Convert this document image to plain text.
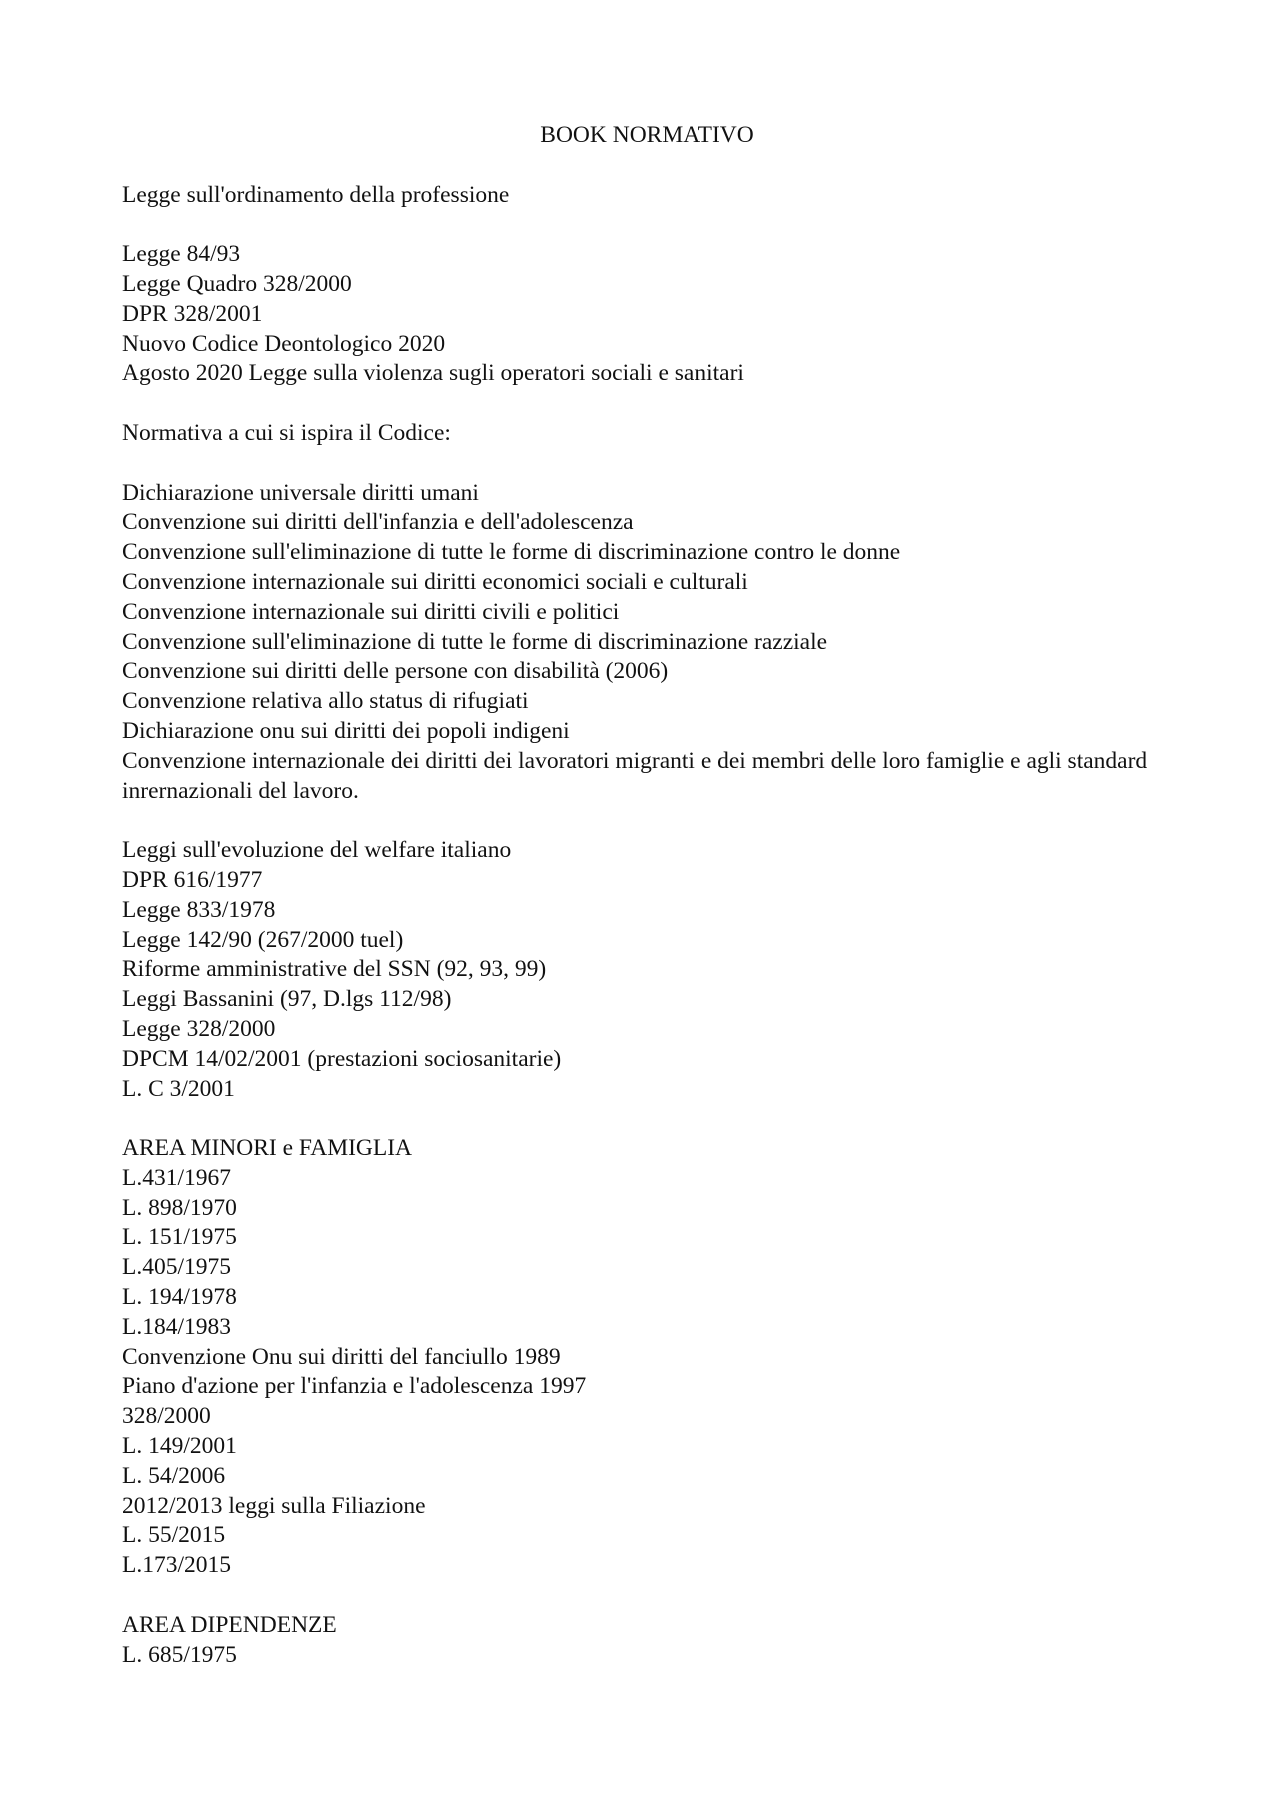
BOOK NORMATIVO

Legge sull'ordinamento della professione
Legge 84/93
Legge Quadro 328/2000
DPR 328/2001
Nuovo Codice Deontologico 2020
Agosto 2020 Legge sulla violenza sugli operatori sociali e sanitari
Normativa a cui si ispira il Codice:
Dichiarazione universale diritti umani
Convenzione sui diritti dell'infanzia e dell'adolescenza
Convenzione sull'eliminazione di tutte le forme di discriminazione contro le donne
Convenzione internazionale sui diritti economici sociali e culturali
Convenzione internazionale sui diritti civili e politici
Convenzione sull'eliminazione di tutte le forme di discriminazione razziale
Convenzione sui diritti delle persone con disabilità (2006)
Convenzione relativa allo status di rifugiati
Dichiarazione onu sui diritti dei popoli indigeni
Convenzione internazionale dei diritti dei lavoratori migranti e dei membri delle loro famiglie e agli standard inrernazionali del lavoro.
Leggi sull'evoluzione del welfare italiano
DPR 616/1977
Legge 833/1978
Legge 142/90 (267/2000 tuel)
Riforme amministrative del SSN (92, 93, 99)
Leggi Bassanini (97, D.lgs 112/98)
Legge 328/2000
DPCM 14/02/2001 (prestazioni sociosanitarie)
L. C 3/2001
AREA MINORI e FAMIGLIA
L.431/1967
L. 898/1970
L. 151/1975
L.405/1975
L. 194/1978
L.184/1983
Convenzione Onu sui diritti del fanciullo 1989
Piano d'azione per l'infanzia e l'adolescenza 1997
328/2000
L. 149/2001
L. 54/2006
2012/2013 leggi sulla Filiazione
L. 55/2015
L.173/2015
AREA DIPENDENZE
L. 685/1975
